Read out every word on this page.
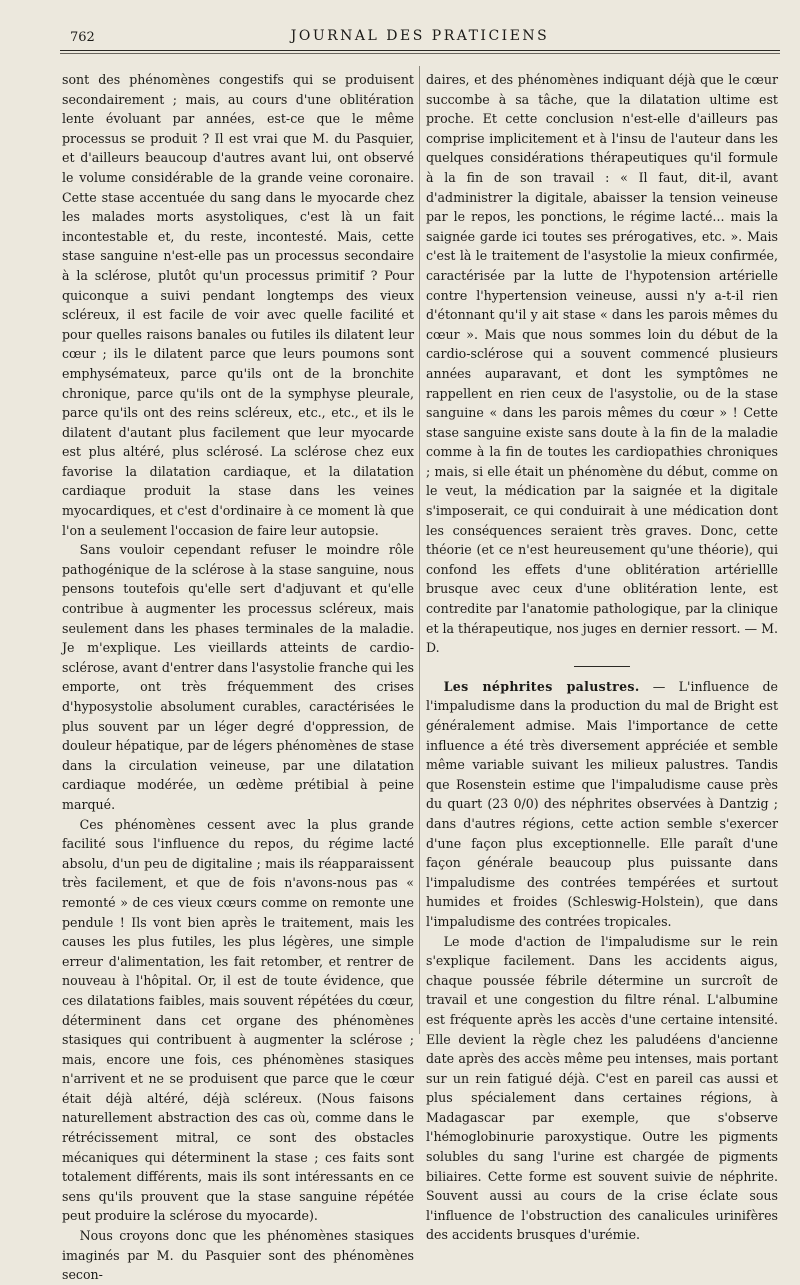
762	JOURNAL DES PRATICIENS

sont des phénomènes congestifs qui se produisent secondairement ; mais, au cours d'une oblitération lente évoluant par années, est-ce que le même processus se produit ? Il est vrai que M. du Pasquier, et d'ailleurs beaucoup d'autres avant lui, ont observé le volume considérable de la grande veine coronaire. Cette stase accentuée du sang dans le myocarde chez les malades morts asystoliques, c'est là un fait incontestable et, du reste, incontesté. Mais, cette stase sanguine n'est-elle pas un processus secondaire à la sclérose, plutôt qu'un processus primitif ? Pour quiconque a suivi pendant longtemps des vieux scléreux, il est facile de voir avec quelle facilité et pour quelles raisons banales ou futiles ils dilatent leur cœur ; ils le dilatent parce que leurs poumons sont emphysémateux, parce qu'ils ont de la bronchite chronique, parce qu'ils ont de la symphyse pleurale, parce qu'ils ont des reins scléreux, etc., etc., et ils le dilatent d'autant plus facilement que leur myocarde est plus altéré, plus sclérosé. La sclérose chez eux favorise la dilatation cardiaque, et la dilatation cardiaque produit la stase dans les veines myocardiques, et c'est d'ordinaire à ce moment là que l'on a seulement l'occasion de faire leur autopsie.

Sans vouloir cependant refuser le moindre rôle pathogénique de la sclérose à la stase sanguine, nous pensons toutefois qu'elle sert d'adjuvant et qu'elle contribue à augmenter les processus scléreux, mais seulement dans les phases terminales de la maladie. Je m'explique. Les vieillards atteints de cardio-sclérose, avant d'entrer dans l'asystolie franche qui les emporte, ont très fréquemment des crises d'hyposystolie absolument curables, caractérisées le plus souvent par un léger degré d'oppression, de douleur hépatique, par de légers phénomènes de stase dans la circulation veineuse, par une dilatation cardiaque modérée, un œdème prétibial à peine marqué.

Ces phénomènes cessent avec la plus grande facilité sous l'influence du repos, du régime lacté absolu, d'un peu de digitaline ; mais ils réapparaissent très facilement, et que de fois n'avons-nous pas « remonté » de ces vieux cœurs comme on remonte une pendule ! Ils vont bien après le traitement, mais les causes les plus futiles, les plus légères, une simple erreur d'alimentation, les fait retomber, et rentrer de nouveau à l'hôpital. Or, il est de toute évidence, que ces dilatations faibles, mais souvent répétées du cœur, déterminent dans cet organe des phénomènes stasiques qui contribuent à augmenter la sclérose ; mais, encore une fois, ces phénomènes stasiques n'arrivent et ne se produisent que parce que le cœur était déjà altéré, déjà scléreux. (Nous faisons naturellement abstraction des cas où, comme dans le rétrécissement mitral, ce sont des obstacles mécaniques qui déterminent la stase ; ces faits sont totalement différents, mais ils sont intéressants en ce sens qu'ils prouvent que la stase sanguine répétée peut produire la sclérose du myocarde).

Nous croyons donc que les phénomènes stasiques imaginés par M. du Pasquier sont des phénomènes secon-

daires, et des phénomènes indiquant déjà que le cœur succombe à sa tâche, que la dilatation ultime est proche. Et cette conclusion n'est-elle d'ailleurs pas comprise implicitement et à l'insu de l'auteur dans les quelques considérations thérapeutiques qu'il formule à la fin de son travail : « Il faut, dit-il, avant d'administrer la digitale, abaisser la tension veineuse par le repos, les ponctions, le régime lacté... mais la saignée garde ici toutes ses prérogatives, etc. ». Mais c'est là le traitement de l'asystolie la mieux confirmée, caractérisée par la lutte de l'hypotension artérielle contre l'hypertension veineuse, aussi n'y a-t-il rien d'étonnant qu'il y ait stase « dans les parois mêmes du cœur ». Mais que nous sommes loin du début de la cardio-sclérose qui a souvent commencé plusieurs années auparavant, et dont les symptômes ne rappellent en rien ceux de l'asystolie, ou de la stase sanguine « dans les parois mêmes du cœur » ! Cette stase sanguine existe sans doute à la fin de la maladie comme à la fin de toutes les cardiopathies chroniques ; mais, si elle était un phénomène du début, comme on le veut, la médication par la saignée et la digitale s'imposerait, ce qui conduirait à une médication dont les conséquences seraient très graves. Donc, cette théorie (et ce n'est heureusement qu'une théorie), qui confond les effets d'une oblitération artériellle brusque avec ceux d'une oblitération lente, est contredite par l'anatomie pathologique, par la clinique et la thérapeutique, nos juges en dernier ressort. — M. D.

Les néphrites palustres. — L'influence de l'impaludisme dans la production du mal de Bright est généralement admise. Mais l'importance de cette influence a été très diversement appréciée et semble même variable suivant les milieux palustres. Tandis que Rosenstein estime que l'impaludisme cause près du quart (23 0/0) des néphrites observées à Dantzig ; dans d'autres régions, cette action semble s'exercer d'une façon plus exceptionnelle. Elle paraît d'une façon générale beaucoup plus puissante dans l'impaludisme des contrées tempérées et surtout humides et froides (Schleswig-Holstein), que dans l'impaludisme des contrées tropicales.

Le mode d'action de l'impaludisme sur le rein s'explique facilement. Dans les accidents aigus, chaque poussée fébrile détermine un surcroît de travail et une congestion du filtre rénal. L'albumine est fréquente après les accès d'une certaine intensité. Elle devient la règle chez les paludéens d'ancienne date après des accès même peu intenses, mais portant sur un rein fatigué déjà. C'est en pareil cas aussi et plus spécialement dans certaines régions, à Madagascar par exemple, que s'observe l'hémoglobinurie paroxystique. Outre les pigments solubles du sang l'urine est chargée de pigments biliaires. Cette forme est souvent suivie de néphrite. Souvent aussi au cours de la crise éclate sous l'influence de l'obstruction des canalicules urinifères des accidents brusques d'urémie.
